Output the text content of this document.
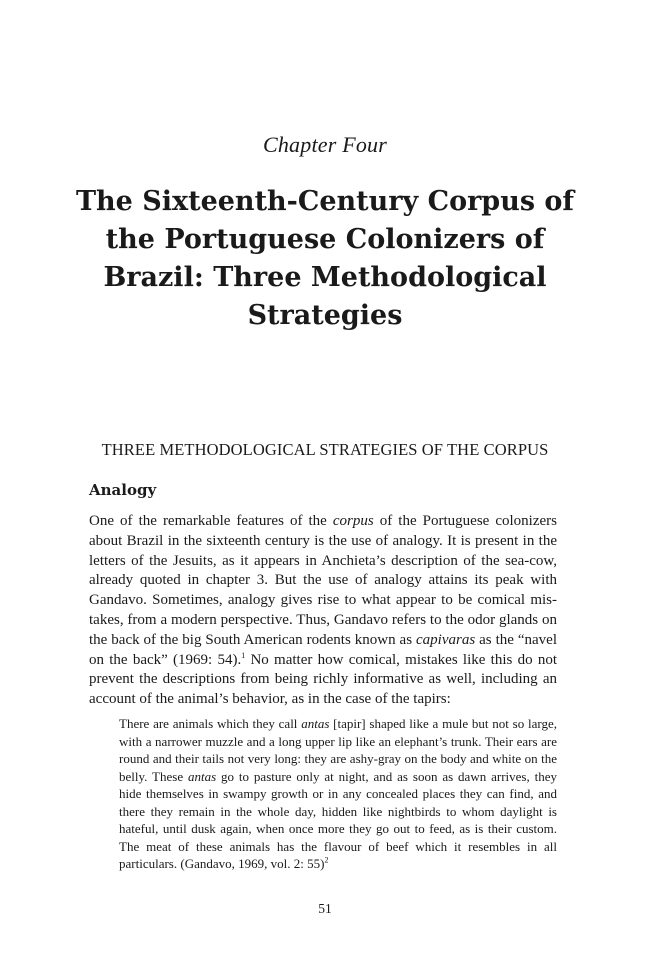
Chapter Four
The Sixteenth-Century Corpus of the Portuguese Colonizers of Brazil: Three Methodological Strategies
THREE METHODOLOGICAL STRATEGIES OF THE CORPUS
Analogy

One of the remarkable features of the corpus of the Portuguese colonizers about Brazil in the sixteenth century is the use of analogy. It is present in the letters of the Jesuits, as it appears in Anchieta’s description of the sea-cow, already quoted in chapter 3. But the use of analogy attains its peak with Gandavo. Sometimes, analogy gives rise to what appear to be comical mistakes, from a modern perspective. Thus, Gandavo refers to the odor glands on the back of the big South American rodents known as capivaras as the “navel on the back” (1969: 54).$^1$ No matter how comical, mistakes like this do not prevent the descriptions from being richly informative as well, including an account of the animal’s behavior, as in the case of the tapirs:

There are animals which they call antas [tapir] shaped like a mule but not so large, with a narrower muzzle and a long upper lip like an elephant’s trunk. Their ears are round and their tails not very long: they are ashy-gray on the body and white on the belly. These antas go to pasture only at night, and as soon as dawn arrives, they hide themselves in swampy growth or in any concealed places they can find, and there they remain in the whole day, hidden like nightbirds to whom daylight is hateful, until dusk again, when once more they go out to feed, as is their custom. The meat of these animals has the flavour of beef which it resembles in all particulars. (Gandavo, 1969, vol. 2: 55)$^2$

51
